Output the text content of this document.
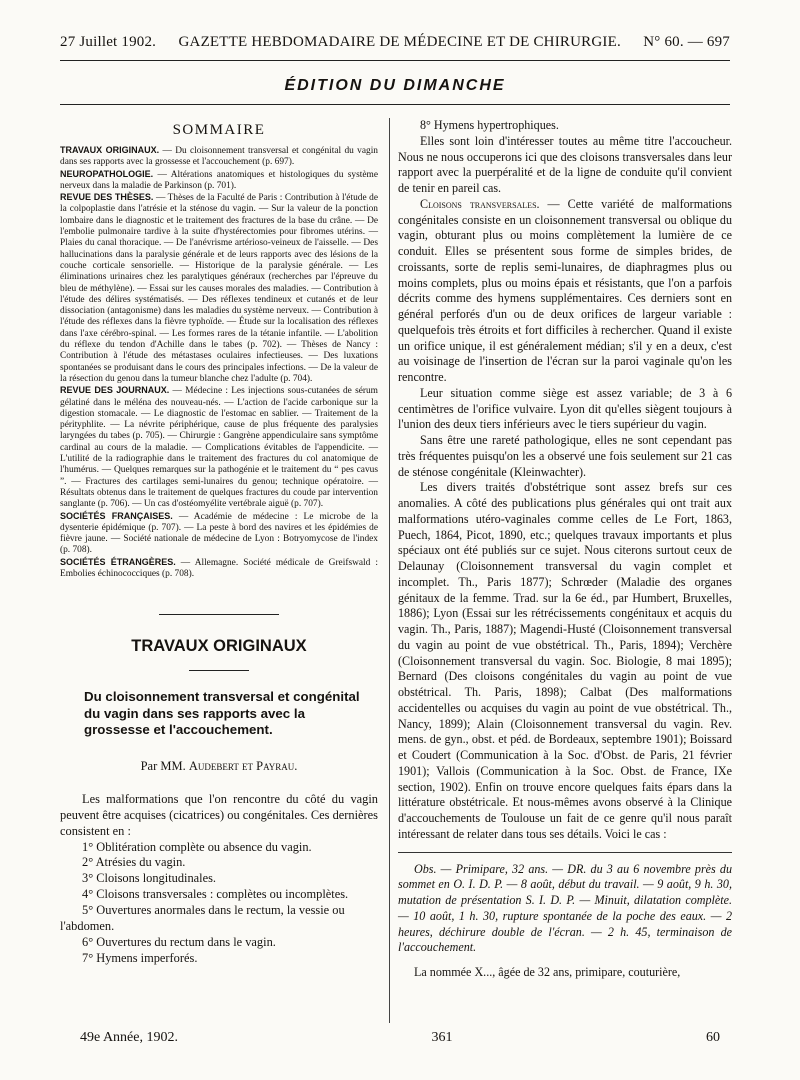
27 Juillet 1902. GAZETTE HEBDOMADAIRE DE MÉDECINE ET DE CHIRURGIE. N° 60. — 697
ÉDITION DU DIMANCHE
SOMMAIRE

TRAVAUX ORIGINAUX. — Du cloisonnement transversal et congénital du vagin dans ses rapports avec la grossesse et l'accouchement (p. 697).

NEUROPATHOLOGIE. — Altérations anatomiques et histologiques du système nerveux dans la maladie de Parkinson (p. 701).

REVUE DES THÈSES. — Thèses de la Faculté de Paris : Contribution à l'étude de la colpoplastie dans l'atrésie et la sténose du vagin. — Sur la valeur de la ponction lombaire dans le diagnostic et le traitement des fractures de la base du crâne. — De l'embolie pulmonaire tardive à la suite d'hystérectomies pour fibromes utérins. — Plaies du canal thoracique. — De l'anévrisme artérioso-veineux de l'aisselle. — Des hallucinations dans la paralysie générale et de leurs rapports avec des lésions de la couche corticale sensorielle. — Historique de la paralysie générale. — Les éliminations urinaires chez les paralytiques généraux (recherches par l'épreuve du bleu de méthylène). — Essai sur les causes morales des maladies. — Contribution à l'étude des délires systématisés. — Des réflexes tendineux et cutanés et de leur dissociation (antagonisme) dans les maladies du système nerveux. — Contribution à l'étude des réflexes dans la fièvre typhoïde. — Étude sur la localisation des réflexes dans l'axe cérébro-spinal. — Les formes rares de la tétanie infantile. — L'abolition du réflexe du tendon d'Achille dans le tabes (p. 702). — Thèses de Nancy : Contribution à l'étude des métastases oculaires infectieuses. — Des luxations spontanées se produisant dans le cours des principales infections. — De la valeur de la résection du genou dans la tumeur blanche chez l'adulte (p. 704).

REVUE DES JOURNAUX. — Médecine : Les injections sous-cutanées de sérum gélatiné dans le méléna des nouveau-nés. — L'action de l'acide carbonique sur la digestion stomacale. — Le diagnostic de l'estomac en sablier. — Traitement de la pérityphlite. — La névrite périphérique, cause de plus fréquente des paralysies laryngées du tabes (p. 705). — Chirurgie : Gangrène appendiculaire sans symptôme cardinal au cours de la maladie. — Complications évitables de l'appendicite. — L'utilité de la radiographie dans le traitement des fractures du col anatomique de l'humérus. — Quelques remarques sur la pathogénie et le traitement du “ pes cavus ”. — Fractures des cartilages semi-lunaires du genou; technique opératoire. — Résultats obtenus dans le traitement de quelques fractures du coude par intervention sanglante (p. 706). — Un cas d'ostéomyélite vertébrale aiguë (p. 707).

SOCIÉTÉS FRANÇAISES. — Académie de médecine : Le microbe de la dysenterie épidémique (p. 707). — La peste à bord des navires et les épidémies de fièvre jaune. — Société nationale de médecine de Lyon : Botryomycose de l'index (p. 708).

SOCIÉTÉS ÉTRANGÈRES. — Allemagne. Société médicale de Greifswald : Embolies échinococciques (p. 708).

TRAVAUX ORIGINAUX
Du cloisonnement transversal et congénital du vagin dans ses rapports avec la grossesse et l'accouchement.
Par MM. Audebert et Payrau.

Les malformations que l'on rencontre du côté du vagin peuvent être acquises (cicatrices) ou congénitales. Ces dernières consistent en :

1° Oblitération complète ou absence du vagin.
2° Atrésies du vagin.
3° Cloisons longitudinales.
4° Cloisons transversales : complètes ou incomplètes.
5° Ouvertures anormales dans le rectum, la vessie ou l'abdomen.
6° Ouvertures du rectum dans le vagin.
7° Hymens imperforés.

8° Hymens hypertrophiques.

Elles sont loin d'intéresser toutes au même titre l'accoucheur. Nous ne nous occuperons ici que des cloisons transversales dans leur rapport avec la puerpéralité et de la ligne de conduite qu'il convient de tenir en pareil cas.

Cloisons transversales. — Cette variété de malformations congénitales consiste en un cloisonnement transversal ou oblique du vagin, obturant plus ou moins complètement la lumière de ce conduit. Elles se présentent sous forme de simples brides, de croissants, sorte de replis semi-lunaires, de diaphragmes plus ou moins complets, plus ou moins épais et résistants, que l'on a parfois décrits comme des hymens supplémentaires. Ces derniers sont en général perforés d'un ou de deux orifices de largeur variable : quelquefois très étroits et fort difficiles à rechercher. Quand il existe un orifice unique, il est généralement médian; s'il y en a deux, c'est au voisinage de l'insertion de l'écran sur la paroi vaginale qu'on les rencontre.

Leur situation comme siège est assez variable; de 3 à 6 centimètres de l'orifice vulvaire. Lyon dit qu'elles siègent toujours à l'union des deux tiers inférieurs avec le tiers supérieur du vagin.

Sans être une rareté pathologique, elles ne sont cependant pas très fréquentes puisqu'on les a observé une fois seulement sur 21 cas de sténose congénitale (Kleinwachter).

Les divers traités d'obstétrique sont assez brefs sur ces anomalies. A côté des publications plus générales qui ont trait aux malformations utéro-vaginales comme celles de Le Fort, 1863, Puech, 1864, Picot, 1890, etc.; quelques travaux importants et plus spéciaux ont été publiés sur ce sujet. Nous citerons surtout ceux de Delaunay (Cloisonnement transversal du vagin complet et incomplet. Th., Paris 1877); Schrœder (Maladie des organes génitaux de la femme. Trad. sur la 6e éd., par Humbert, Bruxelles, 1886); Lyon (Essai sur les rétrécissements congénitaux et acquis du vagin. Th., Paris, 1887); Magendi-Husté (Cloisonnement transversal du vagin au point de vue obstétrical. Th., Paris, 1894); Verchère (Cloisonnement transversal du vagin. Soc. Biologie, 8 mai 1895); Bernard (Des cloisons congénitales du vagin au point de vue obstétrical. Th. Paris, 1898); Calbat (Des malformations accidentelles ou acquises du vagin au point de vue obstétrical. Th., Nancy, 1899); Alain (Cloisonnement transversal du vagin. Rev. mens. de gyn., obst. et péd. de Bordeaux, septembre 1901); Boissard et Coudert (Communication à la Soc. d'Obst. de Paris, 21 février 1901); Vallois (Communication à la Soc. Obst. de France, IXe section, 1902). Enfin on trouve encore quelques faits épars dans la littérature obstétricale. Et nous-mêmes avons observé à la Clinique d'accouchements de Toulouse un fait de ce genre qu'il nous paraît intéressant de relater dans tous ses détails. Voici le cas :

Obs. — Primipare, 32 ans. — DR. du 3 au 6 novembre près du sommet en O. I. D. P. — 8 août, début du travail. — 9 août, 9 h. 30, mutation de présentation S. I. D. P. — Minuit, dilatation complète. — 10 août, 1 h. 30, rupture spontanée de la poche des eaux. — 2 heures, déchirure double de l'écran. — 2 h. 45, terminaison de l'accouchement.

La nommée X..., âgée de 32 ans, primipare, couturière,

49e Année, 1902.	361	60
